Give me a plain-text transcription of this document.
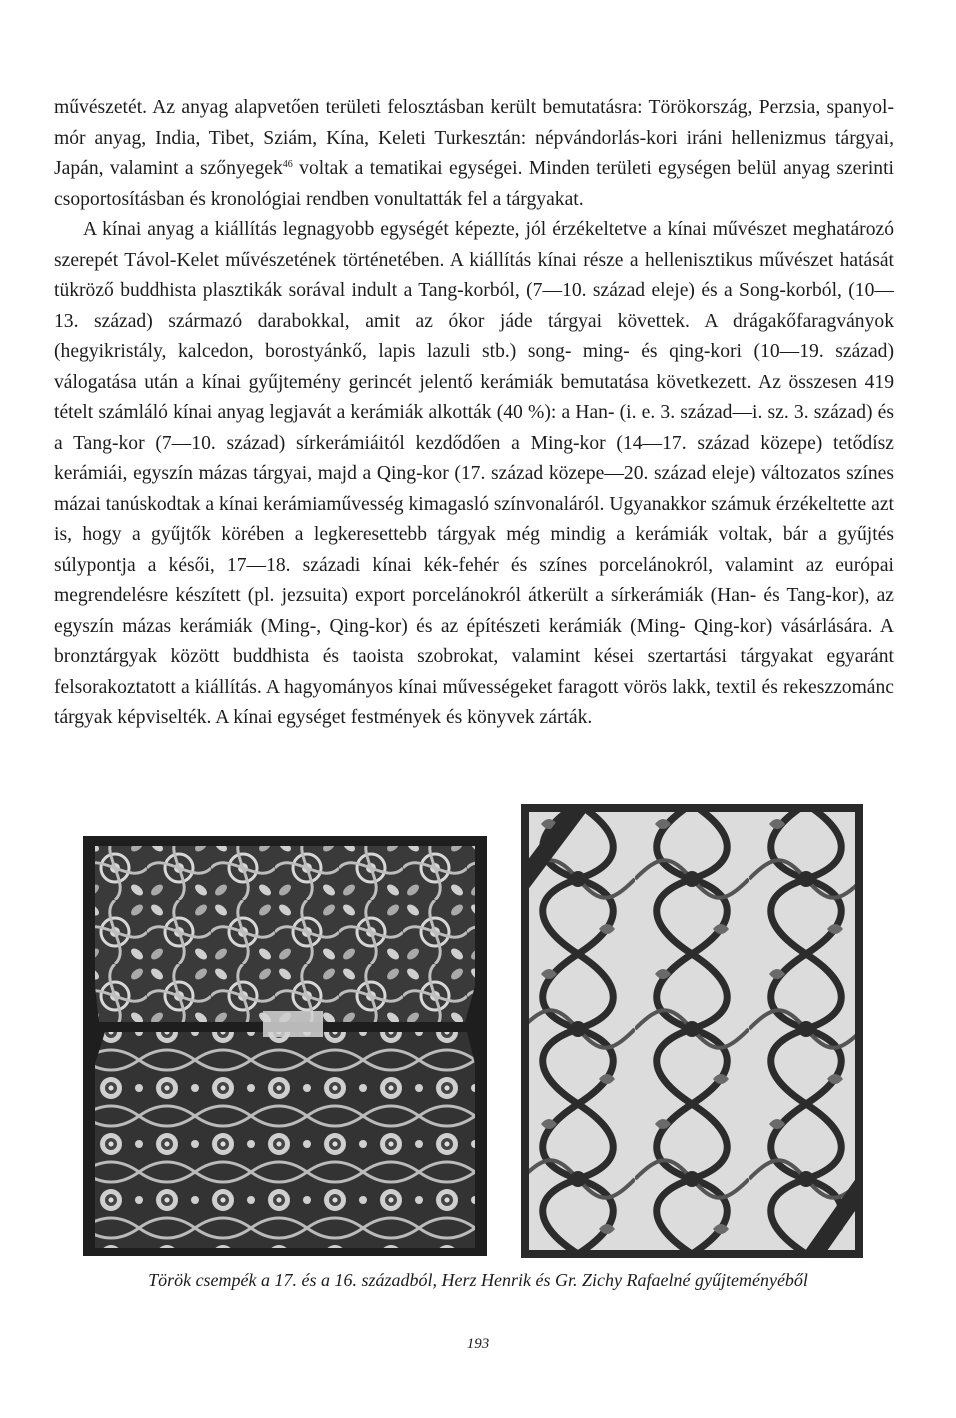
művészetét. Az anyag alapvetően területi felosztásban került bemutatásra: Törökország, Perzsia, spanyol-mór anyag, India, Tibet, Sziám, Kína, Keleti Turkesztán: népvándorlás-kori iráni hellenizmus tárgyai, Japán, valamint a szőnyegek$^{46}$ voltak a tematikai egységei. Minden területi egységen belül anyag szerinti csoportosításban és kronológiai rendben vonultatták fel a tárgyakat.

A kínai anyag a kiállítás legnagyobb egységét képezte, jól érzékeltetve a kínai művészet meghatározó szerepét Távol-Kelet művészetének történetében. A kiállítás kínai része a hellenisztikus művészet hatását tükröző buddhista plasztikák sorával indult a Tang-korból, (7—10. század eleje) és a Song-korból, (10—13. század) származó darabokkal, amit az ókor jáde tárgyai követtek. A drágakőfaragványok (hegyikristály, kalcedon, borostyánkő, lapis lazuli stb.) song- ming- és qing-kori (10—19. század) válogatása után a kínai gyűjtemény gerincét jelentő kerámiák bemutatása következett. Az összesen 419 tételt számláló kínai anyag legjavát a kerámiák alkották (40 %): a Han- (i. e. 3. század—i. sz. 3. század) és a Tang-kor (7—10. század) sírkerámiáitól kezdődően a Ming-kor (14—17. század közepe) tetődísz kerámiái, egyszín mázas tárgyai, majd a Qing-kor (17. század közepe—20. század eleje) változatos színes mázai tanúskodtak a kínai kerámiaművesség kimagasló színvonaláról. Ugyanakkor számuk érzékeltette azt is, hogy a gyűjtők körében a legkeresettebb tárgyak még mindig a kerámiák voltak, bár a gyűjtés súlypontja a késői, 17—18. századi kínai kék-fehér és színes porcelánokról, valamint az európai megrendelésre készített (pl. jezsuita) export porcelánokról átkerült a sírkerámiák (Han- és Tang-kor), az egyszín mázas kerámiák (Ming-, Qing-kor) és az építészeti kerámiák (Ming- Qing-kor) vásárlására. A bronztárgyak között buddhista és taoista szobrokat, valamint kései szertartási tárgyakat egyaránt felsorakoztatott a kiállítás. A hagyományos kínai művességeket faragott vörös lakk, textil és rekeszzománc tárgyak képviselték. A kínai egységet festmények és könyvek zárták.

Török csempék a 17. és a 16. századból, Herz Henrik és Gr. Zichy Rafaelné gyűjteményéből
193
